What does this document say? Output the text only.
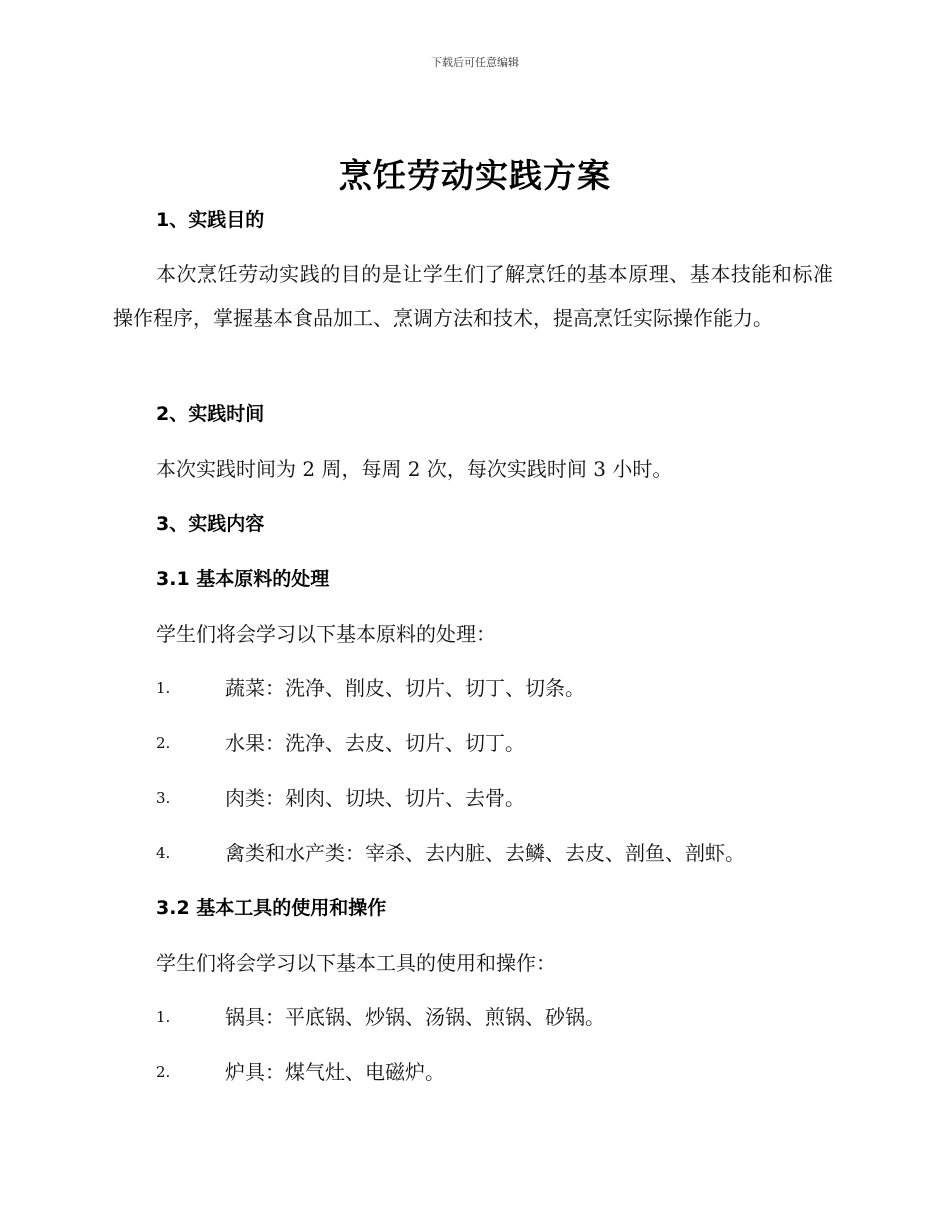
下载后可任意编辑
烹饪劳动实践方案
1、实践目的
本次烹饪劳动实践的目的是让学生们了解烹饪的基本原理、基本技能和标准操作程序，掌握基本食品加工、烹调方法和技术，提高烹饪实际操作能力。
2、实践时间
本次实践时间为 2 周，每周 2 次，每次实践时间 3 小时。
3、实践内容
3.1 基本原料的处理
学生们将会学习以下基本原料的处理：
1.	蔬菜：洗净、削皮、切片、切丁、切条。
2.	水果：洗净、去皮、切片、切丁。
3.	肉类：剁肉、切块、切片、去骨。
4.	禽类和水产类：宰杀、去内脏、去鳞、去皮、剖鱼、剖虾。
3.2 基本工具的使用和操作
学生们将会学习以下基本工具的使用和操作：
1.	锅具：平底锅、炒锅、汤锅、煎锅、砂锅。
2.	炉具：煤气灶、电磁炉。
